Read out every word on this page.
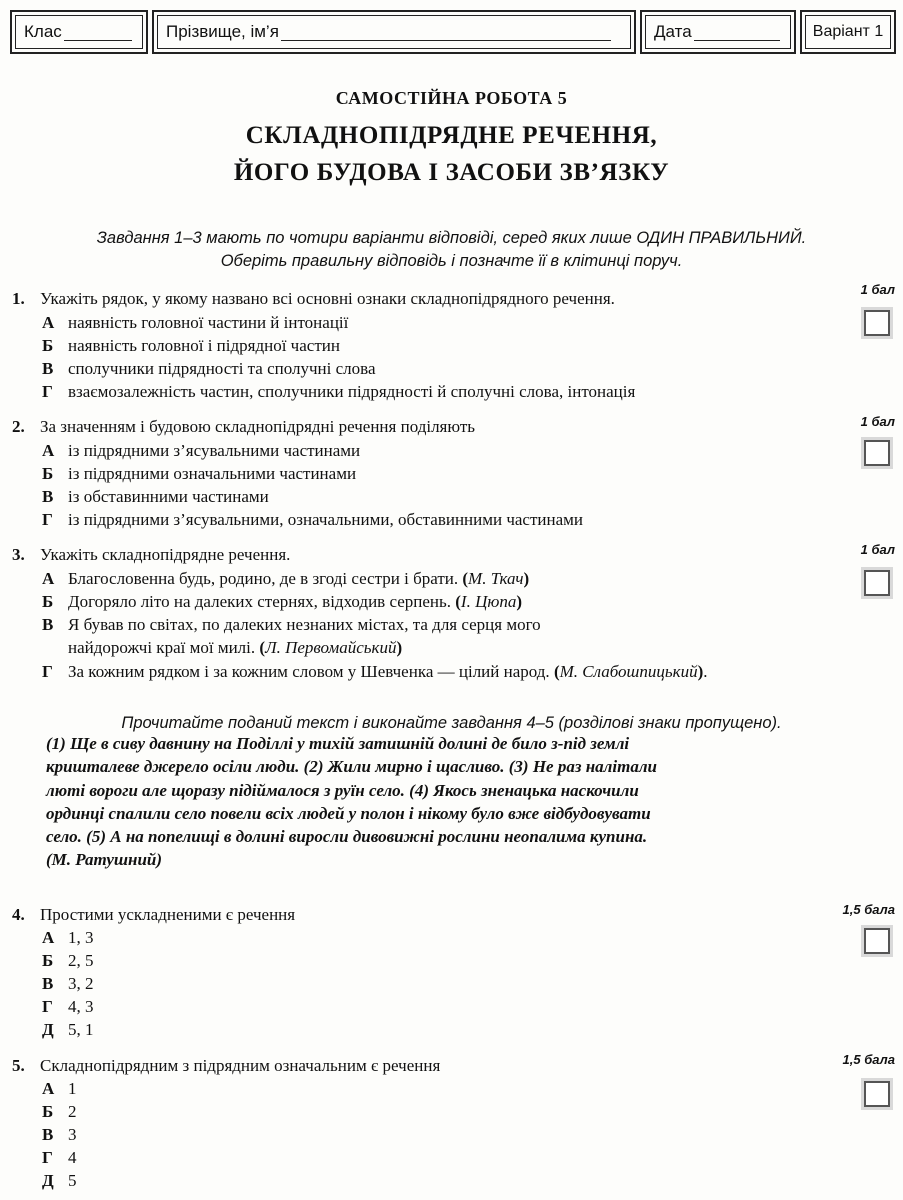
Клас	Прізвище, ім’я	Дата	Варіант 1
САМОСТІЙНА РОБОТА 5
СКЛАДНОПІДРЯДНЕ РЕЧЕННЯ,
ЙОГО БУДОВА І ЗАСОБИ ЗВ’ЯЗКУ
Завдання 1–3 мають по чотири варіанти відповіді, серед яких лише ОДИН ПРАВИЛЬНИЙ.
Оберіть правильну відповідь і позначте її в клітинці поруч.
1. Укажіть рядок, у якому названо всі основні ознаки складнопідрядного речення.	1 бал
А наявність головної частини й інтонації
Б наявність головної і підрядної частин
В сполучники підрядності та сполучні слова
Г взаємозалежність частин, сполучники підрядності й сполучні слова, інтонація
2. За значенням і будовою складнопідрядні речення поділяють	1 бал
А із підрядними з’ясувальними частинами
Б із підрядними означальними частинами
В із обставинними частинами
Г із підрядними з’ясувальними, означальними, обставинними частинами
3. Укажіть складнопідрядне речення.	1 бал
А Благословенна будь, родино, де в згоді сестри і брати. (М. Ткач)
Б Догоряло літо на далеких стернях, відходив серпень. (І. Цюпа)
В Я бував по світах, по далеких незнаних містах, та для серця мого
найдорожчі краї мої милі. (Л. Первомайський)
Г За кожним рядком і за кожним словом у Шевченка — цілий народ. (М. Слабошпицький).
Прочитайте поданий текст і виконайте завдання 4–5 (розділові знаки пропущено).
(1) Ще в сиву давнину на Поділлі у тихій затишній долині де било з-під землі
кришталеве джерело осіли люди. (2) Жили мирно і щасливо. (3) Не раз налітали
люті вороги але щоразу підіймалося з руїн село. (4) Якось зненацька наскочили
ординці спалили село повели всіх людей у полон і нікому було вже відбудовувати
село. (5) А на попелищі в долині виросли дивовижні рослини неопалима купина.
(М. Ратушний)
4. Простими ускладненими є речення	1,5 бала
А 1, 3
Б 2, 5
В 3, 2
Г 4, 3
Д 5, 1
5. Складнопідрядним з підрядним означальним є речення	1,5 бала
А 1
Б 2
В 3
Г 4
Д 5
